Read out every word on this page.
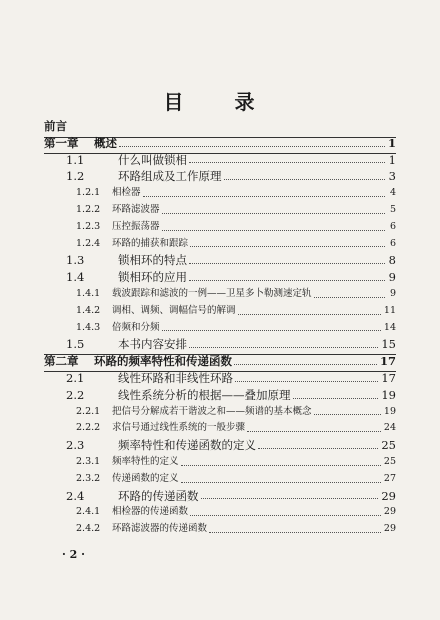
目 录
前言
第一章	概述	1
1.1	什么叫做锁相	1
1.2	环路组成及工作原理	3
1.2.1	相检器	4
1.2.2	环路滤波器	5
1.2.3	压控振荡器	6
1.2.4	环路的捕获和跟踪	6
1.3	锁相环的特点	8
1.4	锁相环的应用	9
1.4.1	载波跟踪和滤波的一例——卫星多卜勒测速定轨	9
1.4.2	调相、调频、调幅信号的解调	11
1.4.3	倍频和分频	14
1.5	本书内容安排	15
第二章	环路的频率特性和传递函数	17
2.1	线性环路和非线性环路	17
2.2	线性系统分析的根据——叠加原理	19
2.2.1	把信号分解成若干谐波之和——频谱的基本概念	19
2.2.2	求信号通过线性系统的一般步骤	24
2.3	频率特性和传递函数的定义	25
2.3.1	频率特性的定义	25
2.3.2	传递函数的定义	27
2.4	环路的传递函数	29
2.4.1	相检器的传递函数	29
2.4.2	环路滤波器的传递函数	29
· 2 ·
